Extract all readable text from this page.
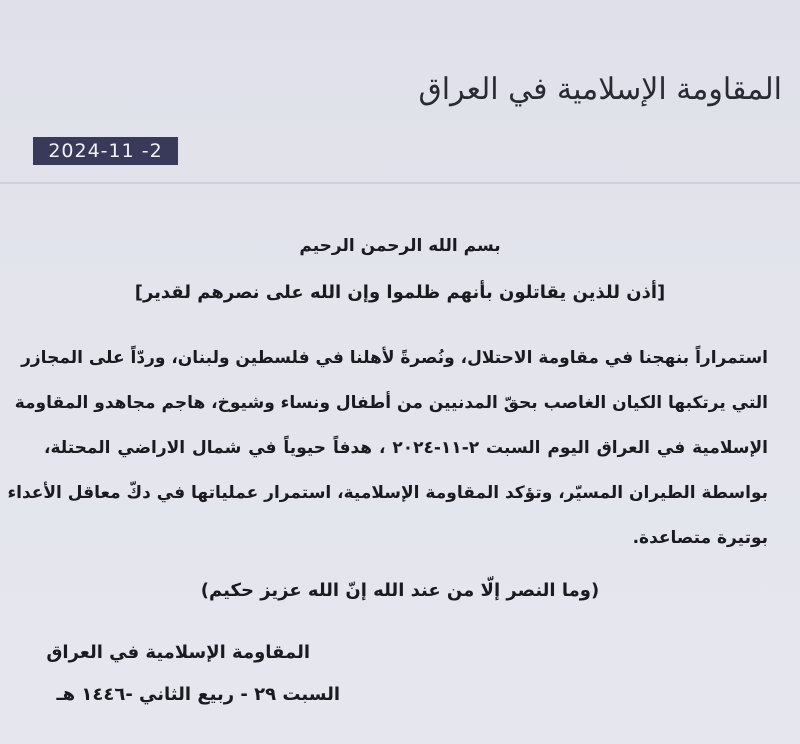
المقاومة الإسلامية في العراق
2024-11 -2
بسم الله الرحمن الرحيم
[أذن للذين يقاتلون بأنهم ظلموا وإن الله على نصرهم لقدير]
استمراراً بنهجنا في مقاومة الاحتلال، ونُصرةً لأهلنا في فلسطين ولبنان، وردّاً على المجازر
التي يرتكبها الكيان الغاصب بحقّ المدنيين من أطفال ونساء وشيوخ، هاجم مجاهدو المقاومة
الإسلامية في العراق اليوم السبت ٢-١١-٢٠٢٤ ، هدفاً حيوياً في شمال الاراضي المحتلة،
بواسطة الطيران المسيّر، وتؤكد المقاومة الإسلامية، استمرار عملياتها في دكّ معاقل الأعداء
بوتيرة متصاعدة.
(وما النصر إلّا من عند الله إنّ الله عزيز حكيم)
المقاومة الإسلامية في العراق
السبت ٢٩ - ربيع الثاني -١٤٤٦ هـ
